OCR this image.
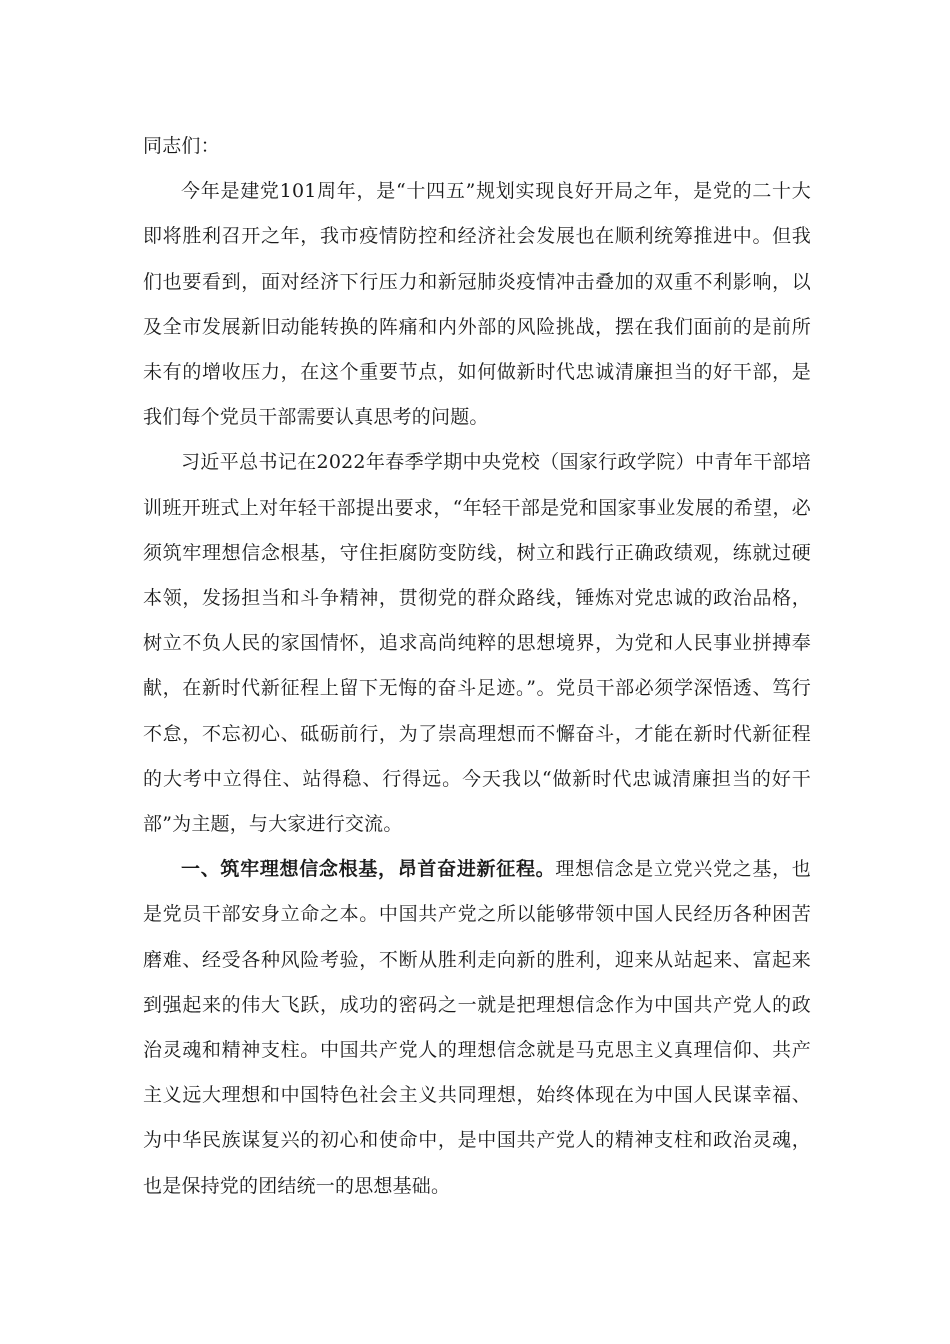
同志们：

今年是建党101周年，是“十四五”规划实现良好开局之年，是党的二十大即将胜利召开之年，我市疫情防控和经济社会发展也在顺利统筹推进中。但我们也要看到，面对经济下行压力和新冠肺炎疫情冲击叠加的双重不利影响，以及全市发展新旧动能转换的阵痛和内外部的风险挑战，摆在我们面前的是前所未有的增收压力，在这个重要节点，如何做新时代忠诚清廉担当的好干部，是我们每个党员干部需要认真思考的问题。

习近平总书记在2022年春季学期中央党校（国家行政学院）中青年干部培训班开班式上对年轻干部提出要求，“年轻干部是党和国家事业发展的希望，必须筑牢理想信念根基，守住拒腐防变防线，树立和践行正确政绩观，练就过硬本领，发扬担当和斗争精神，贯彻党的群众路线，锤炼对党忠诚的政治品格，树立不负人民的家国情怀，追求高尚纯粹的思想境界，为党和人民事业拼搏奉献，在新时代新征程上留下无悔的奋斗足迹。”。党员干部必须学深悟透、笃行不怠，不忘初心、砥砺前行，为了崇高理想而不懈奋斗，才能在新时代新征程的大考中立得住、站得稳、行得远。今天我以“做新时代忠诚清廉担当的好干部”为主题，与大家进行交流。

一、筑牢理想信念根基，昂首奋进新征程。理想信念是立党兴党之基，也是党员干部安身立命之本。中国共产党之所以能够带领中国人民经历各种困苦磨难、经受各种风险考验，不断从胜利走向新的胜利，迎来从站起来、富起来到强起来的伟大飞跃，成功的密码之一就是把理想信念作为中国共产党人的政治灵魂和精神支柱。中国共产党人的理想信念就是马克思主义真理信仰、共产主义远大理想和中国特色社会主义共同理想，始终体现在为中国人民谋幸福、为中华民族谋复兴的初心和使命中，是中国共产党人的精神支柱和政治灵魂，也是保持党的团结统一的思想基础。
